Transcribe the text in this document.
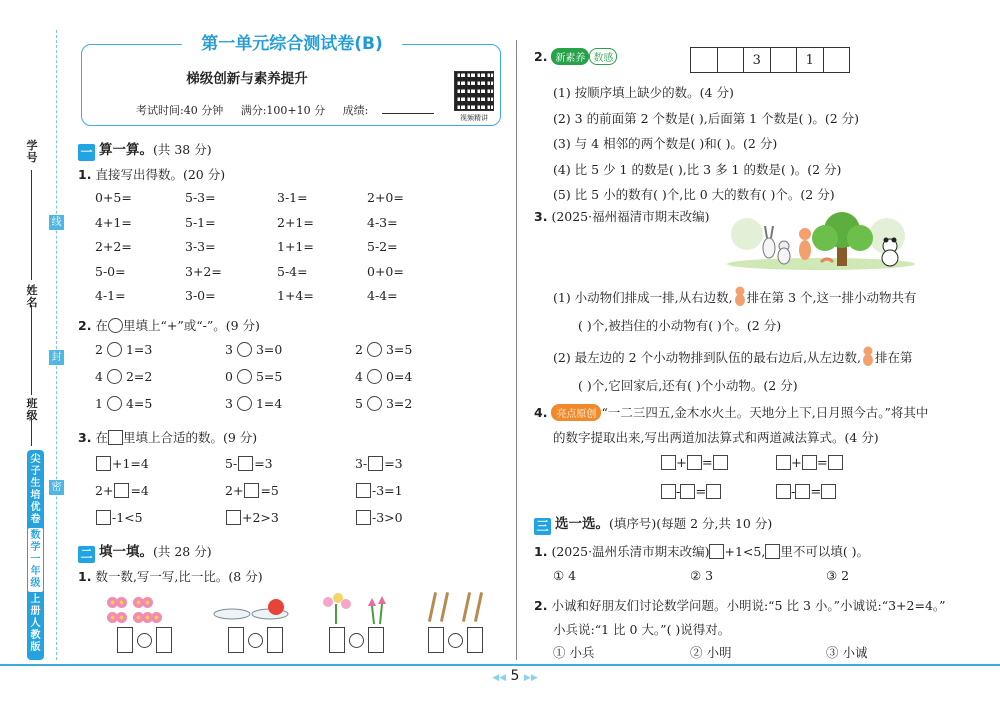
学号
姓名
班级
线
封
密
尖子生培优卷
数学一年级
上册
人教版
第一单元综合测试卷(B)
梯级创新与素养提升
考试时间:40 分钟 满分:100+10 分 成绩:
视频精讲
一 算一算。(共 38 分)
1. 直接写出得数。(20 分)
0+5=	5-3=	3-1=	2+0=
4+1=	5-1=	2+1=	4-3=
2+2=	3-3=	1+1=	5-2=
5-0=	3+2=	5-4=	0+0=
4-1=	3-0=	1+4=	4-4=
2. 在 里填上“+”或“-”。(9 分)
2 1=3	3 3=0	2 3=5
4 2=2	0 5=5	4 0=4
1 4=5	3 1=4	5 3=2
3. 在 里填上合适的数。(9 分)
+1=4	5- =3	3- =3
2+ =4	2+ =5	-3=1
-1<5	+2>3	-3>0
二 填一填。(共 28 分)
1. 数一数,写一写,比一比。(8 分)

2. 新素养 数感
			3		1	
(1) 按顺序填上缺少的数。(4 分)
(2) 3 的前面第 2 个数是( ),后面第 1 个数是( )。(2 分)
(3) 与 4 相邻的两个数是( )和( )。(2 分)
(4) 比 5 少 1 的数是( ),比 3 多 1 的数是( )。(2 分)
(5) 比 5 小的数有( )个,比 0 大的数有( )个。(2 分)
3. (2025·福州福清市期末改编)
(1) 小动物们排成一排,从右边数, 排在第 3 个,这一排小动物共有
( )个,被挡住的小动物有( )个。(2 分)
(2) 最左边的 2 个小动物排到队伍的最右边后,从左边数, 排在第
( )个,它回家后,还有( )个小动物。(2 分)
4. 亮点原创 “一二三四五,金木水火土。天地分上下,日月照今古。”将其中
的数字提取出来,写出两道加法算式和两道减法算式。(4 分)
+ =	+ =
- =	- =
三 选一选。(填序号)(每题 2 分,共 10 分)
1. (2025·温州乐清市期末改编) +1<5, 里不可以填( )。
① 4	② 3	③ 2
2. 小诚和好朋友们讨论数学问题。小明说:“5 比 3 小。”小诚说:“3+2=4。”
小兵说:“1 比 0 大。”( )说得对。
① 小兵	② 小明	③ 小诚
◀◀ 5 ▶▶
